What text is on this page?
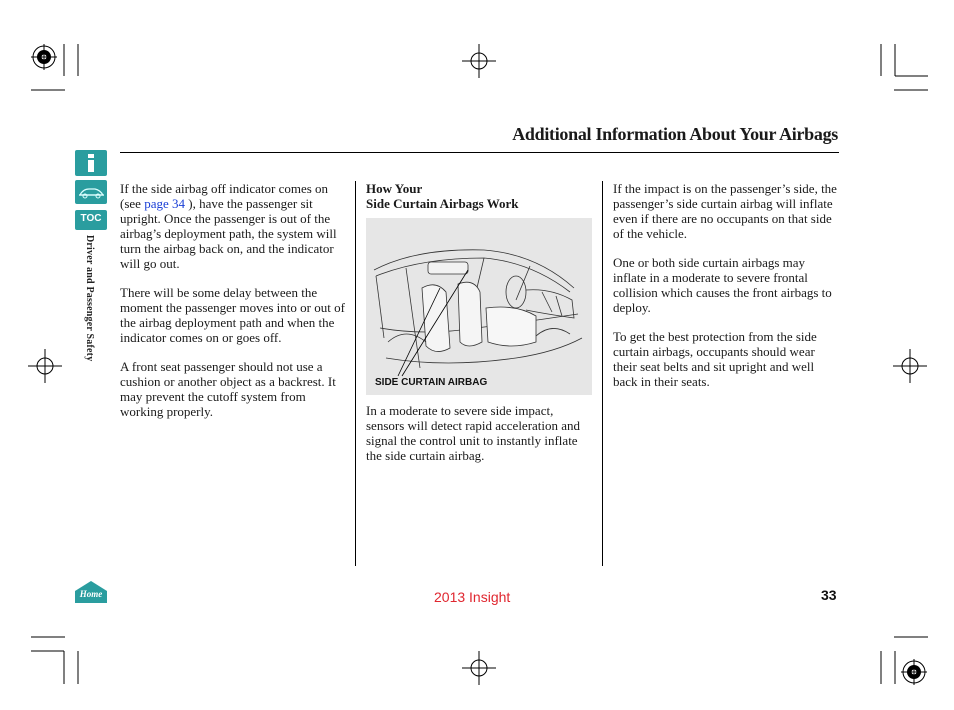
Additional Information About Your Airbags
TOC
Driver and Passenger Safety

If the side airbag off indicator comes on (see page 34 ), have the passenger sit upright. Once the passenger is out of the airbag’s deployment path, the system will turn the airbag back on, and the indicator will go out.

There will be some delay between the moment the passenger moves into or out of the airbag deployment path and when the indicator comes on or goes off.

A front seat passenger should not use a cushion or another object as a backrest. It may prevent the cutoff system from working properly.

How Your
Side Curtain Airbags Work
SIDE CURTAIN AIRBAG

In a moderate to severe side impact, sensors will detect rapid acceleration and signal the control unit to instantly inflate the side curtain airbag.

If the impact is on the passenger’s side, the passenger’s side curtain airbag will inflate even if there are no occupants on that side of the vehicle.

One or both side curtain airbags may inflate in a moderate to severe frontal collision which causes the front airbags to deploy.

To get the best protection from the side curtain airbags, occupants should wear their seat belts and sit upright and well back in their seats.

Home	2013 Insight	33
